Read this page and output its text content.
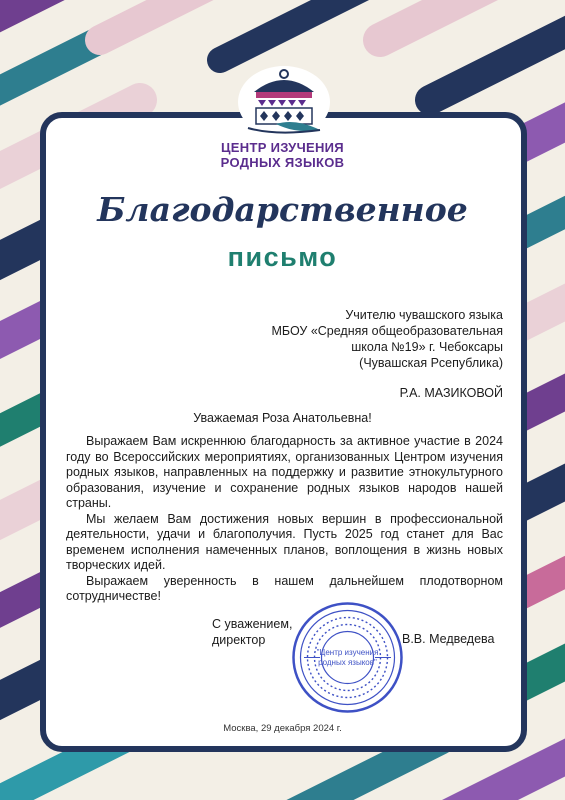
ЦЕНТР ИЗУЧЕНИЯ
РОДНЫХ ЯЗЫКОВ
Благодарственное
письмо
Учителю чувашского языка
МБОУ «Средняя общеобразовательная
школа №19» г. Чебоксары
(Чувашская Рсепублика)
Р.А. МАЗИКОВОЙ
Уважаемая Роза Анатольевна!

Выражаем Вам искреннюю благодарность за активное участие в 2024 году во Всероссийских мероприятиях, организованных Центром изучения родных языков, направленных на поддержку и развитие этнокультурного образования, изучение и сохранение родных языков народов нашей страны.

Мы желаем Вам достижения новых вершин в профессиональной деятельности, удачи и благополучия. Пусть 2025 год станет для Вас временем исполнения намеченных планов, воплощения в жизнь новых творческих идей.

Выражаем уверенность в нашем дальнейшем плодотворном сотрудничестве!

"Центр изучения
родных языков"
С уважением,
директор	В.В. Медведева
Москва, 29 декабря 2024 г.
